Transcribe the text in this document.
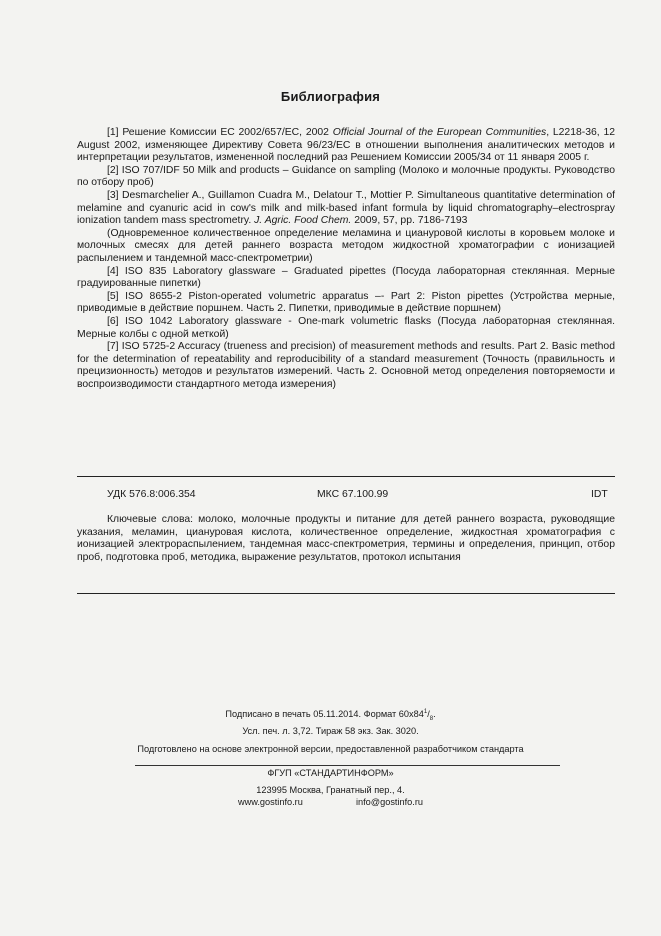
Библиография

[1] Решение Комиссии ЕС 2002/657/ЕС, 2002 Official Journal of the European Communities, L2218-36, 12 August 2002, изменяющее Директиву Совета 96/23/ЕС в отношении выполнения аналитических методов и интерпретации результатов, измененной последний раз Решением Комиссии 2005/34 от 11 января 2005 г.

[2] ISO 707/IDF 50 Milk and products – Guidance on sampling (Молоко и молочные продукты. Руководство по отбору проб)

[3] Desmarchelier A., Guillamon Cuadra M., Delatour T., Mottier P. Simultaneous quantitative determination of melamine and cyanuric acid in cow's milk and milk-based infant formula by liquid chromatography–electrospray ionization tandem mass spectrometry. J. Agric. Food Chem. 2009, 57, pp. 7186-7193

(Одновременное количественное определение меламина и циануровой кислоты в коровьем молоке и молочных смесях для детей раннего возраста методом жидкостной хроматографии с ионизацией распылением и тандемной масс-спектрометрии)

[4] ISO 835 Laboratory glassware – Graduated pipettes (Посуда лабораторная стеклянная. Мерные градуированные пипетки)

[5] ISO 8655-2 Piston-operated volumetric apparatus –- Part 2: Piston pipettes (Устройства мерные, приводимые в действие поршнем. Часть 2. Пипетки, приводимые в действие поршнем)

[6] ISO 1042 Laboratory glassware - One-mark volumetric flasks (Посуда лабораторная стеклянная. Мерные колбы с одной меткой)

[7] ISO 5725-2 Accuracy (trueness and precision) of measurement methods and results. Part 2. Basic method for the determination of repeatability and reproducibility of a standard measurement (Точность (правильность и прецизионность) методов и результатов измерений. Часть 2. Основной метод определения повторяемости и воспроизводимости стандартного метода измерения)

УДК 576.8:006.354	МКС 67.100.99	IDT

Ключевые слова: молоко, молочные продукты и питание для детей раннего возраста, руководящие указания, меламин, циануровая кислота, количественное определение, жидкостная хроматография с ионизацией электрораспылением, тандемная масс-спектрометрия, термины и определения, принцип, отбор проб, подготовка проб, методика, выражение результатов, протокол испытания

Подписано в печать 05.11.2014. Формат $60x84^1/_8$.
Усл. печ. л. 3,72. Тираж 58 экз. Зак. 3020.
Подготовлено на основе электронной версии, предоставленной разработчиком стандарта
ФГУП «СТАНДАРТИНФОРМ»
123995 Москва, Гранатный пер., 4.
www.gostinfo.ru	info@gostinfo.ru
